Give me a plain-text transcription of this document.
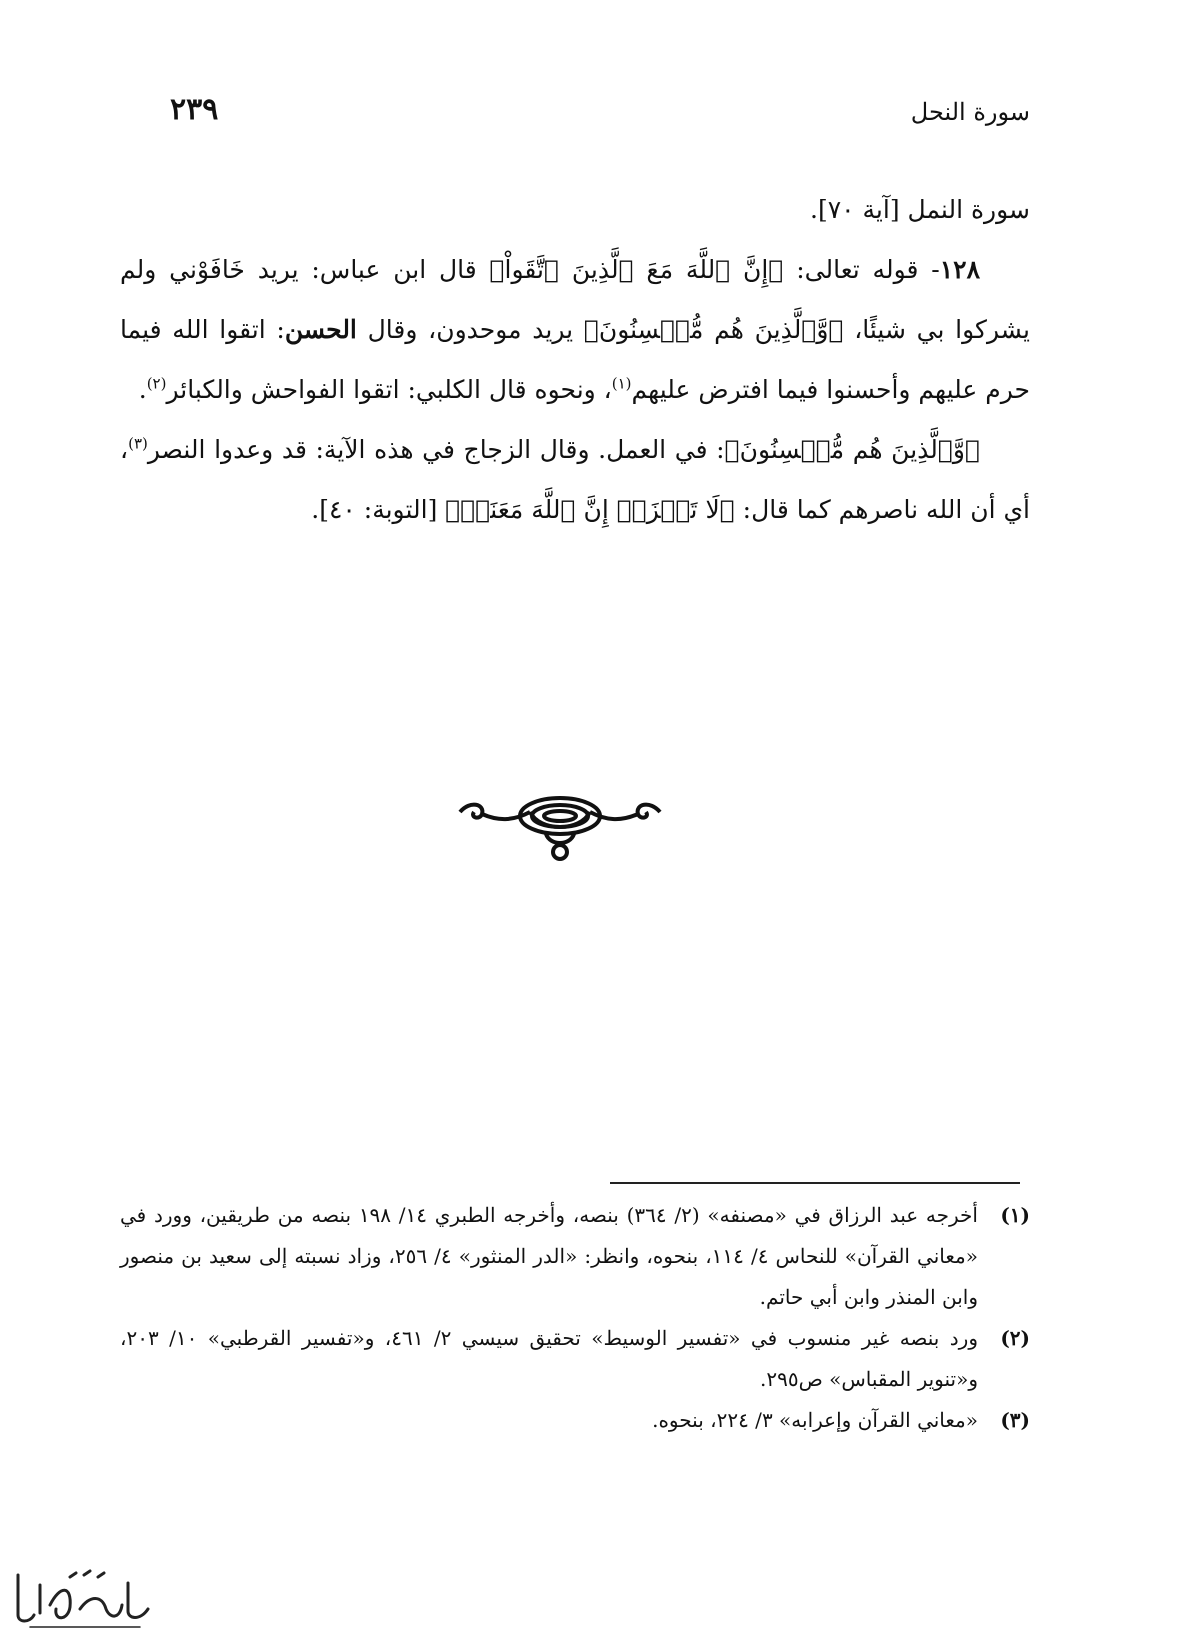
٢٣٩	سورة النحل

سورة النمل [آية ٧٠].

١٢٨- قوله تعالى: ﴿إِنَّ ٱللَّهَ مَعَ ٱلَّذِينَ ٱتَّقَواْ﴾ قال ابن عباس: يريد خَافَوْني ولم يشركوا بي شيئًا، ﴿وَّٱلَّذِينَ هُم مُّحۡسِنُونَ﴾ يريد موحدون، وقال الحسن: اتقوا الله فيما حرم عليهم وأحسنوا فيما افترض عليهم$^{(١)}$، ونحوه قال الكلبي: اتقوا الفواحش والكبائر$^{(٢)}$.

﴿وَّٱلَّذِينَ هُم مُّحۡسِنُونَ﴾: في العمل. وقال الزجاج في هذه الآية: قد وعدوا النصر$^{(٣)}$، أي أن الله ناصرهم كما قال: ﴿لَا تَحۡزَنۡ إِنَّ ٱللَّهَ مَعَنَاۖ﴾ [التوبة: ٤٠].

(١)
أخرجه عبد الرزاق في «مصنفه» (٢/ ٣٦٤) بنصه، وأخرجه الطبري ١٤/ ١٩٨ بنصه من طريقين، وورد في «معاني القرآن» للنحاس ٤/ ١١٤، بنحوه، وانظر: «الدر المنثور» ٤/ ٢٥٦، وزاد نسبته إلى سعيد بن منصور وابن المنذر وابن أبي حاتم.
(٢)
ورد بنصه غير منسوب في «تفسير الوسيط» تحقيق سيسي ٢/ ٤٦١، و«تفسير القرطبي» ١٠/ ٢٠٣، و«تنوير المقباس» ص٢٩٥.
(٣)
«معاني القرآن وإعرابه» ٣/ ٢٢٤، بنحوه.
